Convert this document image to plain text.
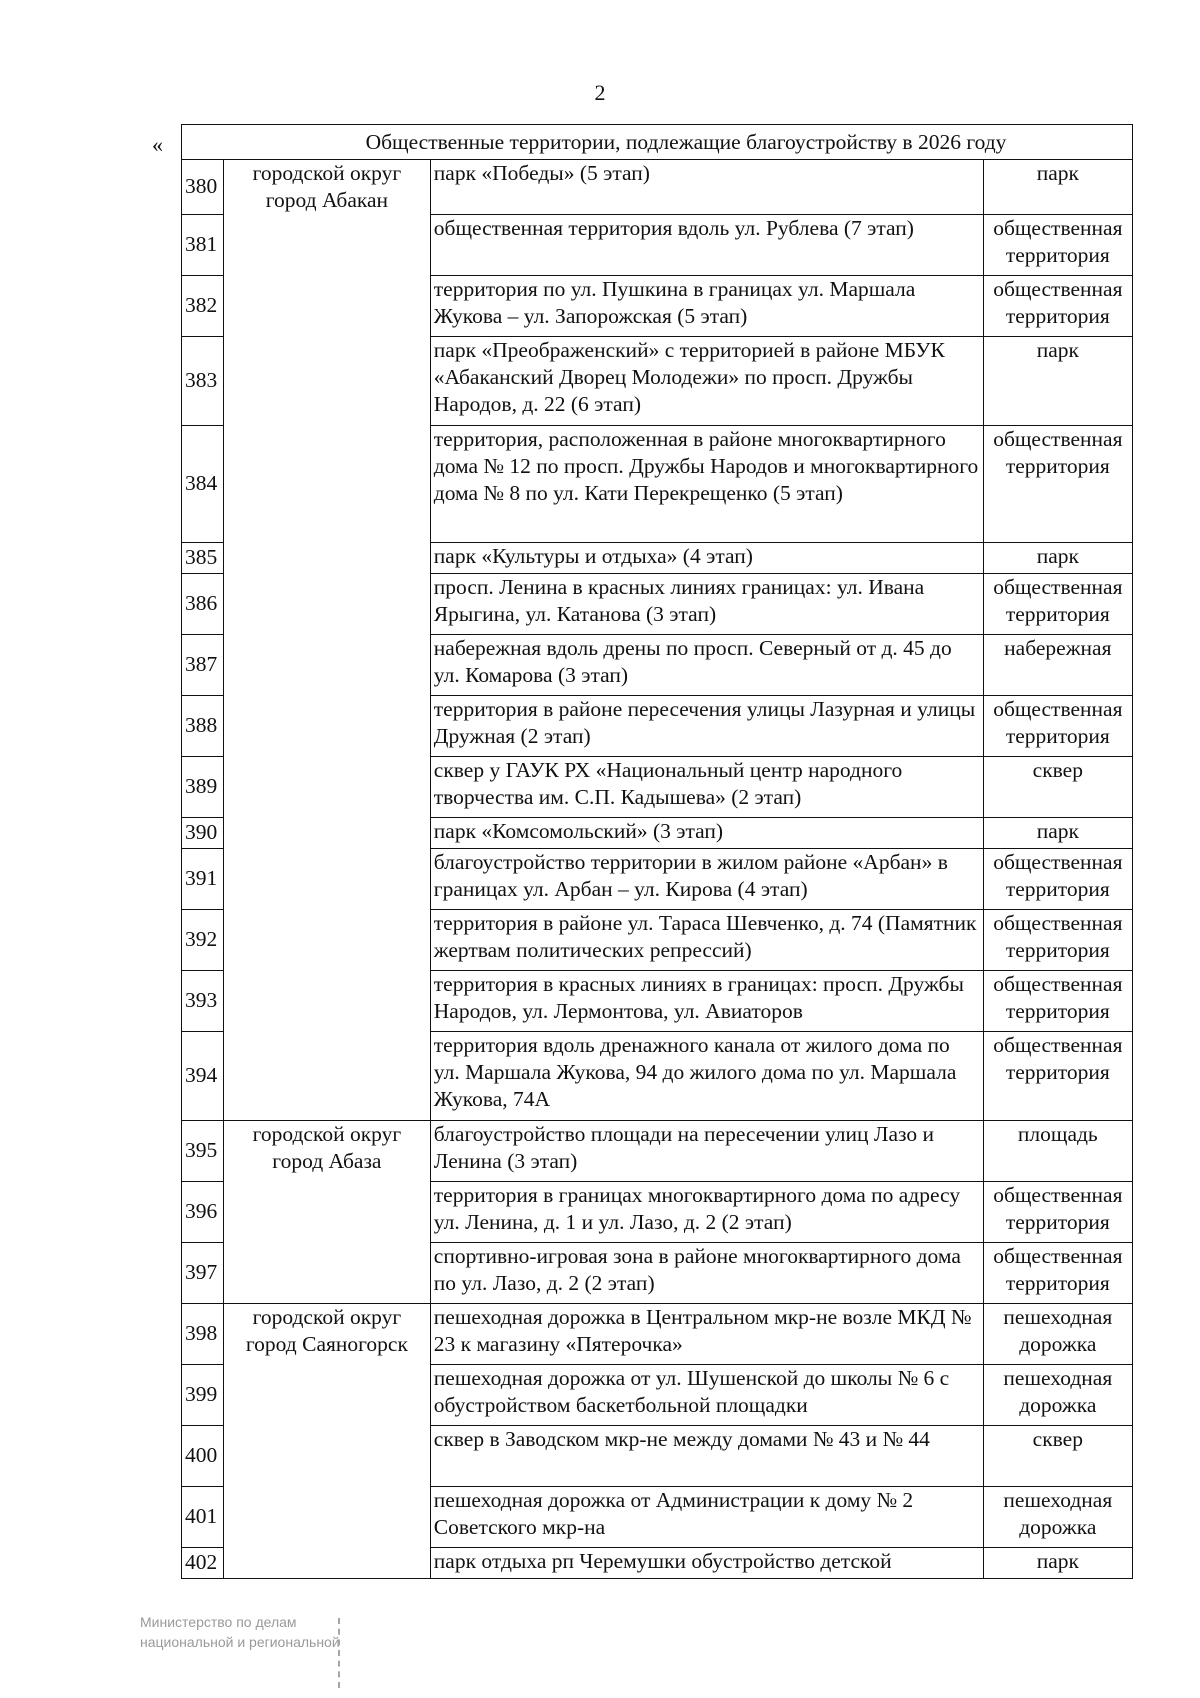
2
«	Общественные территории, подлежащие благоустройству в 2026 году			
380	городской округ город Абакан	парк «Победы» (5 этап)	парк
381		общественная территория вдоль ул. Рублева (7 этап)	общественная территория
382		территория по ул. Пушкина в границах ул. Маршала Жукова – ул. Запорожская (5 этап)	общественная территория
383		парк «Преображенский» с территорией в районе МБУК «Абаканский Дворец Молодежи» по просп. Дружбы Народов, д. 22 (6 этап)	парк
384		территория, расположенная в районе многоквартирного дома № 12 по просп. Дружбы Народов и многоквартирного дома № 8 по ул. Кати Перекрещенко (5 этап)	общественная территория
385		парк «Культуры и отдыха» (4 этап)	парк
386		просп. Ленина в красных линиях границах: ул. Ивана Ярыгина, ул. Катанова (3 этап)	общественная территория
387		набережная вдоль дрены по просп. Северный от д. 45 до ул. Комарова (3 этап)	набережная
388		территория в районе пересечения улицы Лазурная и улицы Дружная (2 этап)	общественная территория
389		сквер у ГАУК РХ «Национальный центр народного творчества им. С.П. Кадышева» (2 этап)	сквер
390		парк «Комсомольский» (3 этап)	парк
391		благоустройство территории в жилом районе «Арбан» в границах ул. Арбан – ул. Кирова (4 этап)	общественная территория
392		территория в районе ул. Тараса Шевченко, д. 74 (Памятник жертвам политических репрессий)	общественная территория
393		территория в красных линиях в границах: просп. Дружбы Народов, ул. Лермонтова, ул. Авиаторов	общественная территория
394		территория вдоль дренажного канала от жилого дома по ул. Маршала Жукова, 94 до жилого дома по ул. Маршала Жукова, 74А	общественная территория
395	городской округ город Абаза	благоустройство площади на пересечении улиц Лазо и Ленина (3 этап)	площадь
396		территория в границах многоквартирного дома по адресу ул. Ленина, д. 1 и ул. Лазо, д. 2 (2 этап)	общественная территория
397		спортивно-игровая зона в районе многоквартирного дома по ул. Лазо, д. 2 (2 этап)	общественная территория
398	городской округ город Саяногорск	пешеходная дорожка в Центральном мкр-не возле МКД № 23 к магазину «Пятерочка»	пешеходная дорожка
399		пешеходная дорожка от ул. Шушенской до школы № 6 с обустройством баскетбольной площадки	пешеходная дорожка
400		сквер в Заводском мкр-не между домами № 43 и № 44	сквер
401		пешеходная дорожка от Администрации к дому № 2 Советского мкр-на	пешеходная дорожка
402		парк отдыха рп Черемушки обустройство детской	парк
Министерство по делам
национальной и региональной
